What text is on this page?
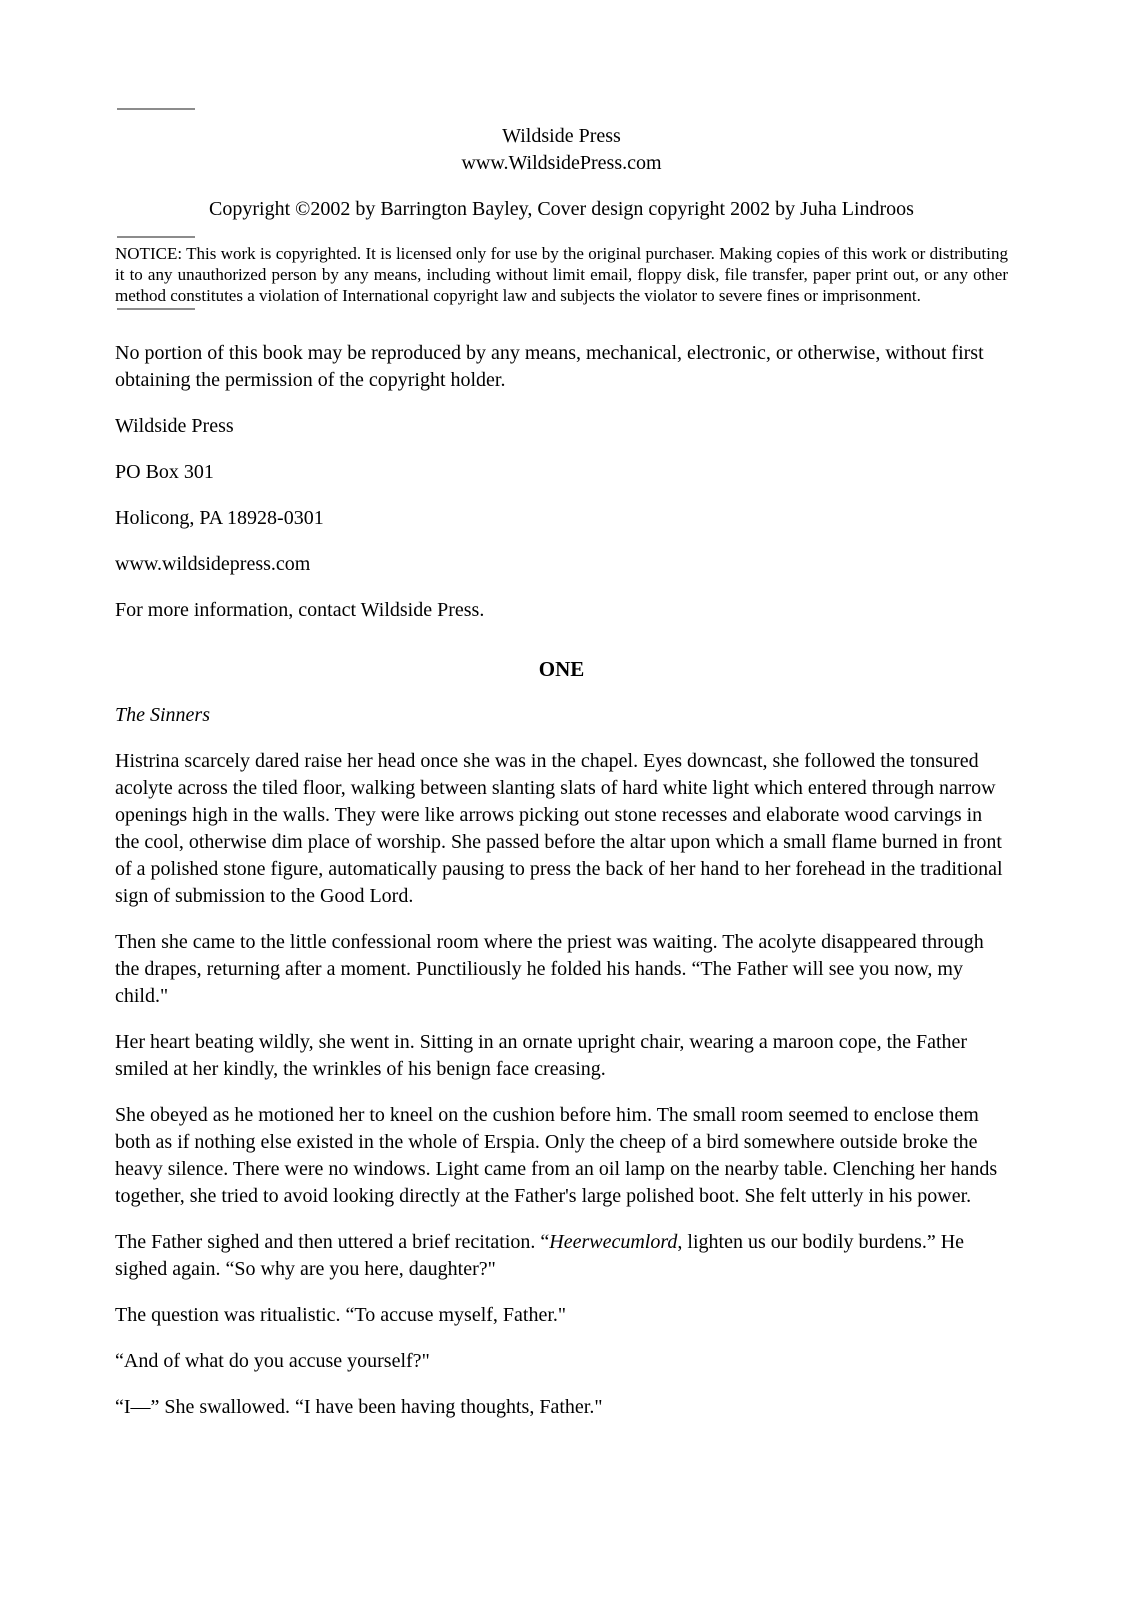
Wildside Press

www.WildsidePress.com

Copyright ©2002 by Barrington Bayley, Cover design copyright 2002 by Juha Lindroos

NOTICE: This work is copyrighted. It is licensed only for use by the original purchaser. Making copies of this work or distributing it to any unauthorized person by any means, including without limit email, floppy disk, file transfer, paper print out, or any other method constitutes a violation of International copyright law and subjects the violator to severe fines or imprisonment.

No portion of this book may be reproduced by any means, mechanical, electronic, or otherwise, without first obtaining the permission of the copyright holder.

Wildside Press

PO Box 301

Holicong, PA 18928-0301

www.wildsidepress.com

For more information, contact Wildside Press.

ONE

The Sinners

Histrina scarcely dared raise her head once she was in the chapel. Eyes downcast, she followed the tonsured acolyte across the tiled floor, walking between slanting slats of hard white light which entered through narrow openings high in the walls. They were like arrows picking out stone recesses and elaborate wood carvings in the cool, otherwise dim place of worship. She passed before the altar upon which a small flame burned in front of a polished stone figure, automatically pausing to press the back of her hand to her forehead in the traditional sign of submission to the Good Lord.

Then she came to the little confessional room where the priest was waiting. The acolyte disappeared through the drapes, returning after a moment. Punctiliously he folded his hands. “The Father will see you now, my child."

Her heart beating wildly, she went in. Sitting in an ornate upright chair, wearing a maroon cope, the Father smiled at her kindly, the wrinkles of his benign face creasing.

She obeyed as he motioned her to kneel on the cushion before him. The small room seemed to enclose them both as if nothing else existed in the whole of Erspia. Only the cheep of a bird somewhere outside broke the heavy silence. There were no windows. Light came from an oil lamp on the nearby table. Clenching her hands together, she tried to avoid looking directly at the Father's large polished boot. She felt utterly in his power.

The Father sighed and then uttered a brief recitation. “Heerwecumlord, lighten us our bodily burdens.” He sighed again. “So why are you here, daughter?"

The question was ritualistic. “To accuse myself, Father."

“And of what do you accuse yourself?"

“I—” She swallowed. “I have been having thoughts, Father."
